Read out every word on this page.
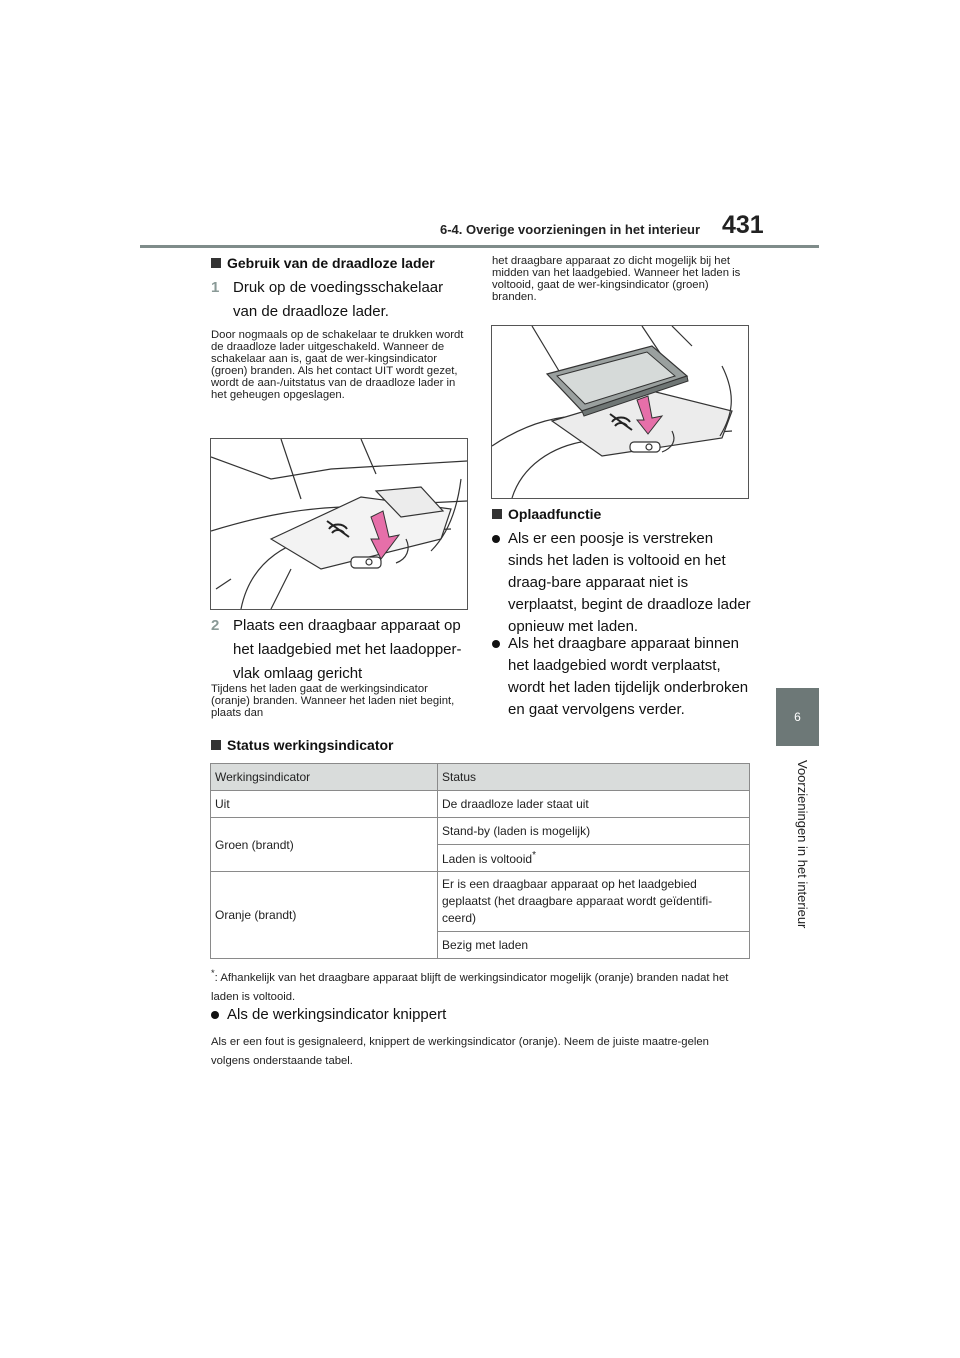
6-4. Overige voorzieningen in het interieur 431
6
Voorzieningen in het interieur
Gebruik van de draadloze lader
1 Druk op de voedingsschakelaar van de draadloze lader.
Door nogmaals op de schakelaar te drukken wordt de draadloze lader uitgeschakeld. Wanneer de schakelaar aan is, gaat de wer-kingsindicator (groen) branden. Als het contact UIT wordt gezet, wordt de aan-/uitstatus van de draadloze lader in het geheugen opgeslagen.
2 Plaats een draagbaar apparaat op het laadgebied met het laadopper-vlak omlaag gericht
Tijdens het laden gaat de werkingsindicator (oranje) branden. Wanneer het laden niet begint, plaats dan
het draagbare apparaat zo dicht mogelijk bij het midden van het laadgebied. Wanneer het laden is voltooid, gaat de wer-kingsindicator (groen) branden.
Oplaadfunctie
Als er een poosje is verstreken sinds het laden is voltooid en het draag-bare apparaat niet is verplaatst, begint de draadloze lader opnieuw met laden.
Als het draagbare apparaat binnen het laadgebied wordt verplaatst, wordt het laden tijdelijk onderbroken en gaat vervolgens verder.
Status werkingsindicator
Werkingsindicator	Status
Uit	De draadloze lader staat uit
Groen (brandt)	Stand-by (laden is mogelijk)
	Laden is voltooid*
Oranje (brandt)	Er is een draagbaar apparaat op het laadgebied geplaatst (het draagbare apparaat wordt geïdentifi-ceerd)
	Bezig met laden
*: Afhankelijk van het draagbare apparaat blijft de werkingsindicator mogelijk (oranje) branden nadat het laden is voltooid.
Als de werkingsindicator knippert
Als er een fout is gesignaleerd, knippert de werkingsindicator (oranje). Neem de juiste maatre-gelen volgens onderstaande tabel.
